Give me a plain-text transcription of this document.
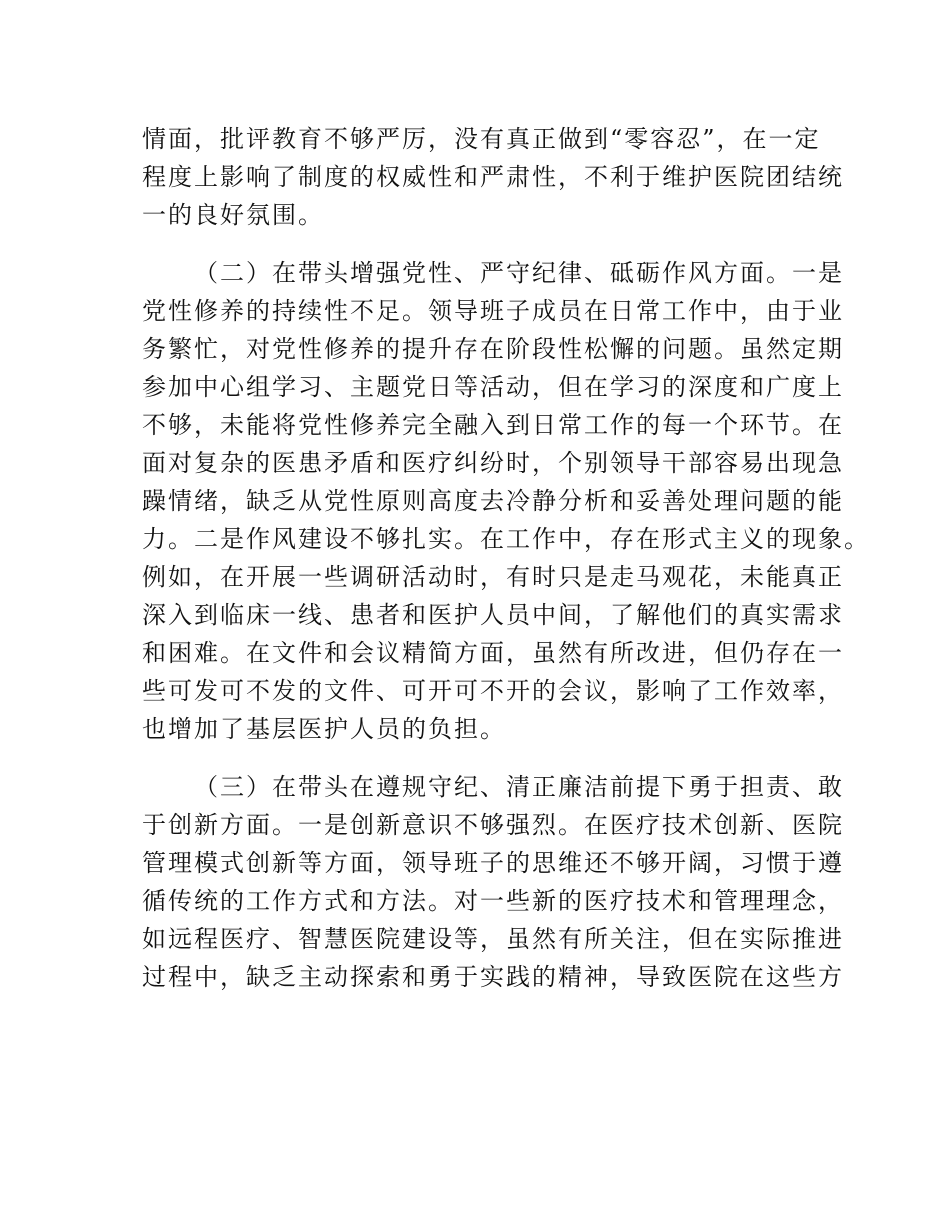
情面，批评教育不够严厉，没有真正做到“零容忍”，在一定
程度上影响了制度的权威性和严肃性，不利于维护医院团结统
一的良好氛围。
（二）在带头增强党性、严守纪律、砥砺作风方面。一是
党性修养的持续性不足。领导班子成员在日常工作中，由于业
务繁忙，对党性修养的提升存在阶段性松懈的问题。虽然定期
参加中心组学习、主题党日等活动，但在学习的深度和广度上
不够，未能将党性修养完全融入到日常工作的每一个环节。在
面对复杂的医患矛盾和医疗纠纷时，个别领导干部容易出现急
躁情绪，缺乏从党性原则高度去冷静分析和妥善处理问题的能
力。二是作风建设不够扎实。在工作中，存在形式主义的现象。
例如，在开展一些调研活动时，有时只是走马观花，未能真正
深入到临床一线、患者和医护人员中间，了解他们的真实需求
和困难。在文件和会议精简方面，虽然有所改进，但仍存在一
些可发可不发的文件、可开可不开的会议，影响了工作效率，
也增加了基层医护人员的负担。
（三）在带头在遵规守纪、清正廉洁前提下勇于担责、敢
于创新方面。一是创新意识不够强烈。在医疗技术创新、医院
管理模式创新等方面，领导班子的思维还不够开阔，习惯于遵
循传统的工作方式和方法。对一些新的医疗技术和管理理念，
如远程医疗、智慧医院建设等，虽然有所关注，但在实际推进
过程中，缺乏主动探索和勇于实践的精神，导致医院在这些方
